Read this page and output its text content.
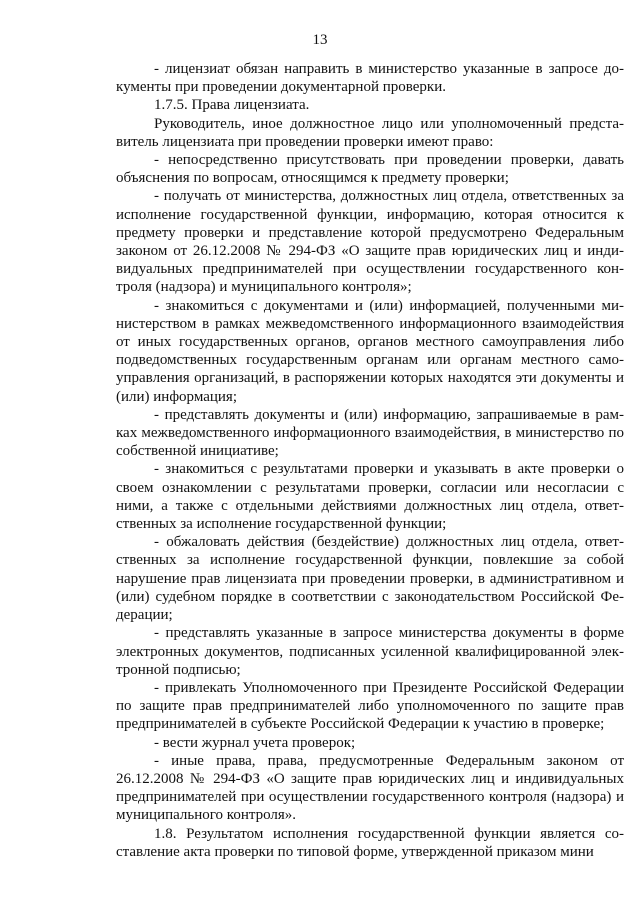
13

- лицензиат обязан направить в министерство указанные в запросе документы при проведении документарной проверки.

1.7.5. Права лицензиата.

Руководитель, иное должностное лицо или уполномоченный представитель лицензиата при проведении проверки имеют право:

- непосредственно присутствовать при проведении проверки, давать объяснения по вопросам, относящимся к предмету проверки;

- получать от министерства, должностных лиц отдела, ответственных за исполнение государственной функции, информацию, которая относится к предмету проверки и представление которой предусмотрено Федеральным законом от 26.12.2008 № 294-ФЗ «О защите прав юридических лиц и индивидуальных предпринимателей при осуществлении государственного контроля (надзора) и муниципального контроля»;

- знакомиться с документами и (или) информацией, полученными министерством в рамках межведомственного информационного взаимодействия от иных государственных органов, органов местного самоуправления либо подведомственных государственным органам или органам местного самоуправления организаций, в распоряжении которых находятся эти документы и (или) информация;

- представлять документы и (или) информацию, запрашиваемые в рамках межведомственного информационного взаимодействия, в министерство по собственной инициативе;

- знакомиться с результатами проверки и указывать в акте проверки о своем ознакомлении с результатами проверки, согласии или несогласии с ними, а также с отдельными действиями должностных лиц отдела, ответственных за исполнение государственной функции;

- обжаловать действия (бездействие) должностных лиц отдела, ответственных за исполнение государственной функции, повлекшие за собой нарушение прав лицензиата при проведении проверки, в административном и (или) судебном порядке в соответствии с законодательством Российской Федерации;

- представлять указанные в запросе министерства документы в форме электронных документов, подписанных усиленной квалифицированной электронной подписью;

- привлекать Уполномоченного при Президенте Российской Федерации по защите прав предпринимателей либо уполномоченного по защите прав предпринимателей в субъекте Российской Федерации к участию в проверке;

- вести журнал учета проверок;

- иные права, права, предусмотренные Федеральным законом от 26.12.2008 № 294-ФЗ «О защите прав юридических лиц и индивидуальных предпринимателей при осуществлении государственного контроля (надзора) и муниципального контроля».

1.8. Результатом исполнения государственной функции является составление акта проверки по типовой форме, утвержденной приказом мини
